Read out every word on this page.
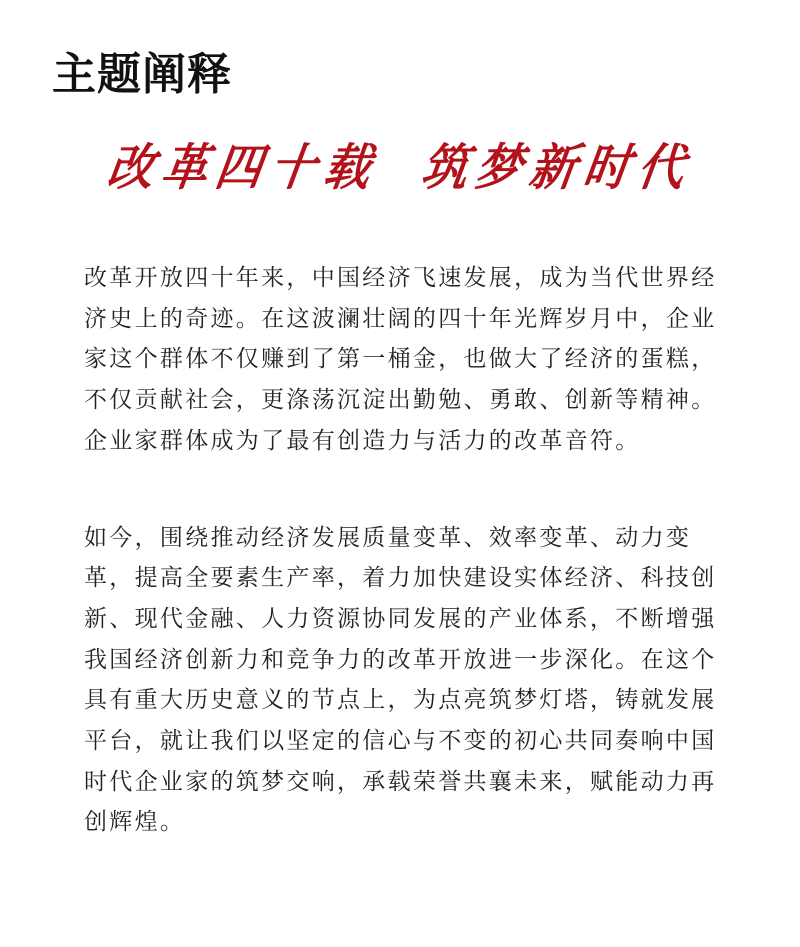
主题阐释
改革四十载 筑梦新时代

改革开放四十年来，中国经济飞速发展，成为当代世界经济史上的奇迹。在这波澜壮阔的四十年光辉岁月中，企业家这个群体不仅赚到了第一桶金，也做大了经济的蛋糕，不仅贡献社会，更涤荡沉淀出勤勉、勇敢、创新等精神。企业家群体成为了最有创造力与活力的改革音符。

如今，围绕推动经济发展质量变革、效率变革、动力变革，提高全要素生产率，着力加快建设实体经济、科技创新、现代金融、人力资源协同发展的产业体系，不断增强我国经济创新力和竞争力的改革开放进一步深化。在这个具有重大历史意义的节点上，为点亮筑梦灯塔，铸就发展平台，就让我们以坚定的信心与不变的初心共同奏响中国时代企业家的筑梦交响，承载荣誉共襄未来，赋能动力再创辉煌。
